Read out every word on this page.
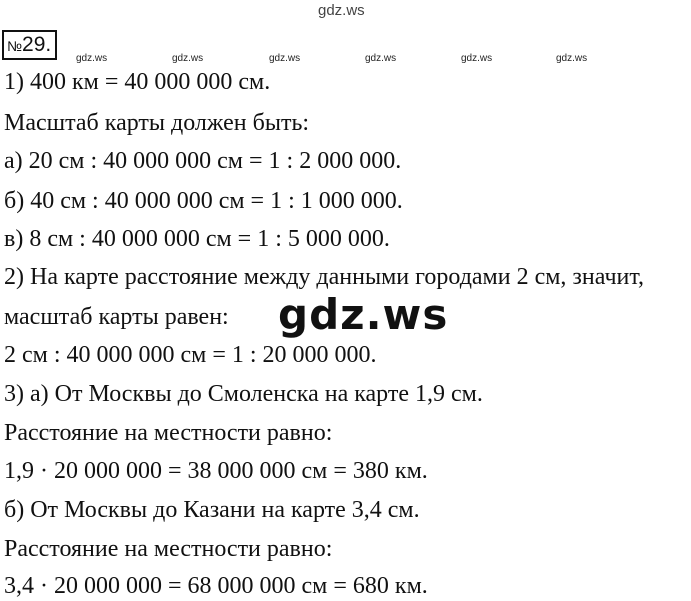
gdz.ws
№29.
gdz.ws	gdz.ws	gdz.ws	gdz.ws	gdz.ws	gdz.ws
1) 400 км = 40 000 000 см.
Масштаб карты должен быть:
а) 20 см : 40 000 000 см = 1 : 2 000 000.
б) 40 см : 40 000 000 см = 1 : 1 000 000.
в) 8 см : 40 000 000 см = 1 : 5 000 000.
2) На карте расстояние между данными городами 2 см, значит,
масштаб карты равен:
2 см : 40 000 000 см = 1 : 20 000 000.
3) а) От Москвы до Смоленска на карте 1,9 см.
Расстояние на местности равно:
1,9 · 20 000 000 = 38 000 000 см = 380 км.
б) От Москвы до Казани на карте 3,4 см.
Расстояние на местности равно:
3,4 · 20 000 000 = 68 000 000 см = 680 км.
gdz.ws
